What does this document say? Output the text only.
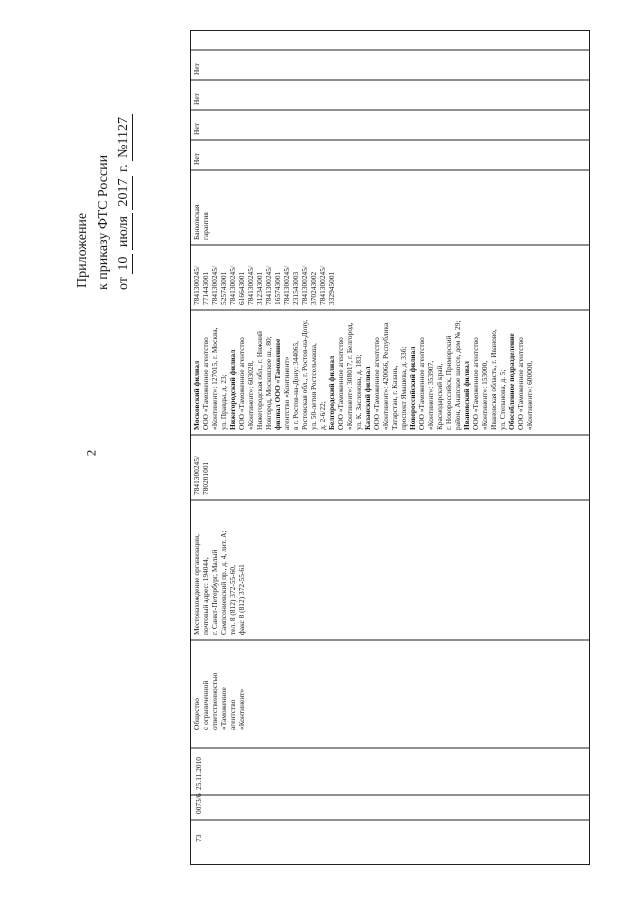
2
Приложение к приказу ФТС России от 10 июля 2017 г. №1127
73
0073/6
25.11.2010
Общество с ограниченной ответственностью «Таможенное агентство «Континент»
Местонахождение организации, почтовый адрес: 194044, г. Санкт-Петербург, Малый Сампсониевский пр., д. 4, лит. А; тел. 8 (812) 372-55-60, факс 8 (812) 372-55-61
7841300245/ 780201001
Московский филиал ООО «Таможенное агентство «Континент»: 127015, г. Москва, ул. Правды, д. 23; Нижегородский филиал ООО «Таможенное агентство «Континент»: 603028, Нижегородская обл., г. Нижний Новгород, Московское ш., 80; филиал ООО «Таможенное агентство «Континент» в г. Ростов-на-Дону: 344065, Ростовская обл., г. Ростов-на-Дону, ул. 50-летия Ростсельмаша, д. 2-6/22; Белгородский филиал ООО «Таможенное агентство «Континент»: 308017, г. Белгород, ул. К. Заслонова, д. 183; Казанский филиал ООО «Таможенное агентство «Континент»: 420066, Республика Татарстан, г. Казань, проспект Ямашева, д. 33б; Новороссийский филиал ООО «Таможенное агентство «Континент»: 353907, Краснодарский край, г. Новороссийск, Приморский район, Анапское шоссе, дом № 29; Ивановский филиал ООО «Таможенное агентство «Континент»: 153000, Ивановская область, г. Иваново, ул. Степанова, д. 5; Обособленное подразделение ООО «Таможенное агентство «Континент»: 600000,
7841300245/ 771443001 7841300245/ 525743001 7841300245/ 616643001 7841300245/ 312343001 7841300245/ 165743001 7841300245/ 231543003 7841300245/ 370243002 7841300245/ 332945001
Банковская гарантия
Нет
Нет
Нет
Нет
